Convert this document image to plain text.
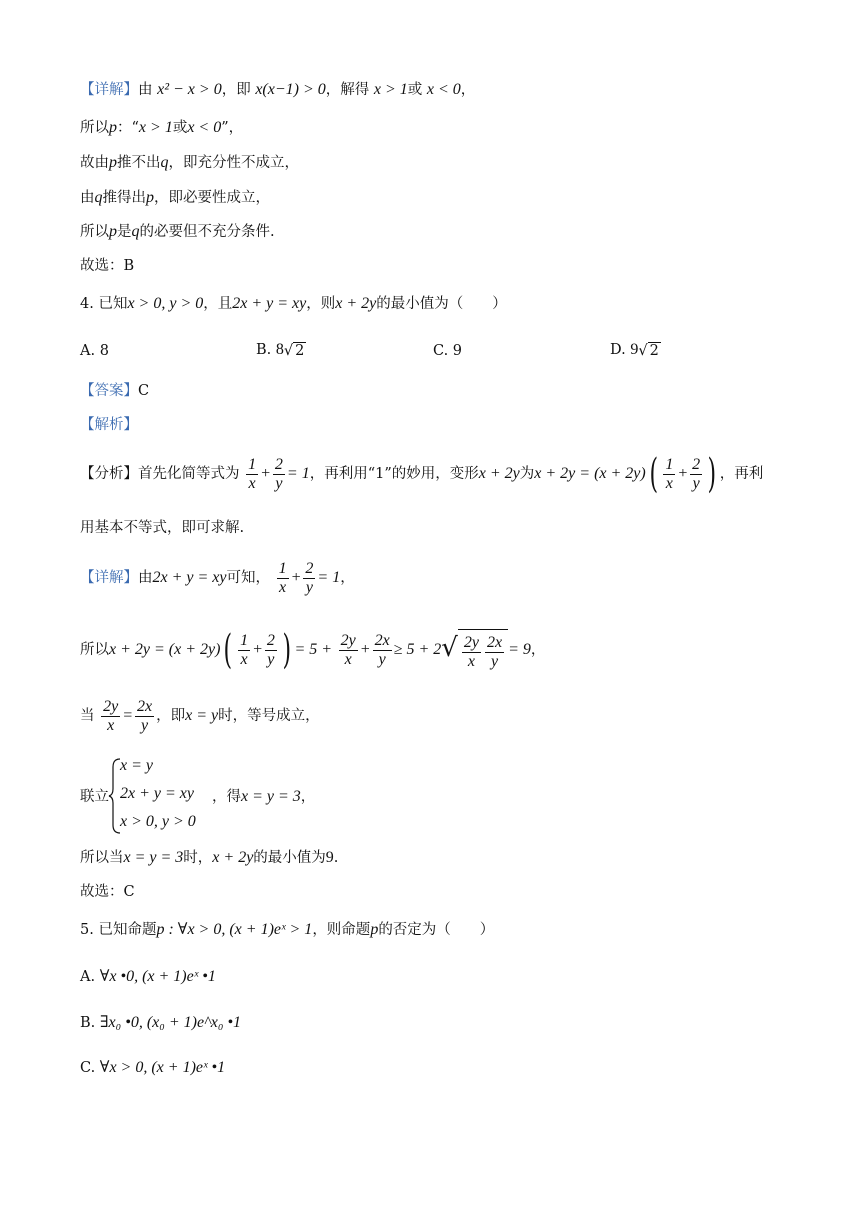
【详解】由 x² − x > 0，即 x(x−1) > 0，解得 x > 1或 x < 0，
所以p：“x > 1或x < 0”，
故由p推不出q，即充分性不成立，
由q推得出p，即必要性成立，
所以p是q的必要但不充分条件.
故选：B
4. 已知x > 0, y > 0，且2x + y = xy，则x + 2y的最小值为（　　）
A. 8	B. 8√ 2	C. 9	D. 9√ 2
【答案】C
【解析】
【分析】首先化简等式为 $\frac{1}{x} + \frac{2}{y} = 1$，再利用“1”的妙用，变形x + 2y为$x + 2y = (x + 2y)( \frac{1}{x} + \frac{2}{y}$ ) ，再利
用基本不等式，即可求解.
【详解】由2x + y = xy可知， $\frac{1}{x} + \frac{2}{y} = 1$，
所以$x + 2y = (x + 2y)( \frac{1}{x} + \frac{2}{y}$ ) = $5 + \frac{2y}{x} + \frac{2x}{y} \ge 5 + 2√ \frac{2y}{x} \frac{2x}{y} = 9$，
当 $\frac{2y}{x} = \frac{2x}{y}$ ，即x = y时，等号成立，
联立
x = y
2x + y = xy
x > 0, y > 0
，得x = y = 3，
所以当x = y = 3时，x + 2y的最小值为9.
故选：C
5. 已知命题p : ∀x > 0, (x + 1)eˣ > 1，则命题p的否定为（　　）
A. ∀x •0, (x + 1)eˣ •1
B. ∃x₀ •0, (x₀ + 1)e^x₀ •1
C. ∀x > 0, (x + 1)eˣ •1
